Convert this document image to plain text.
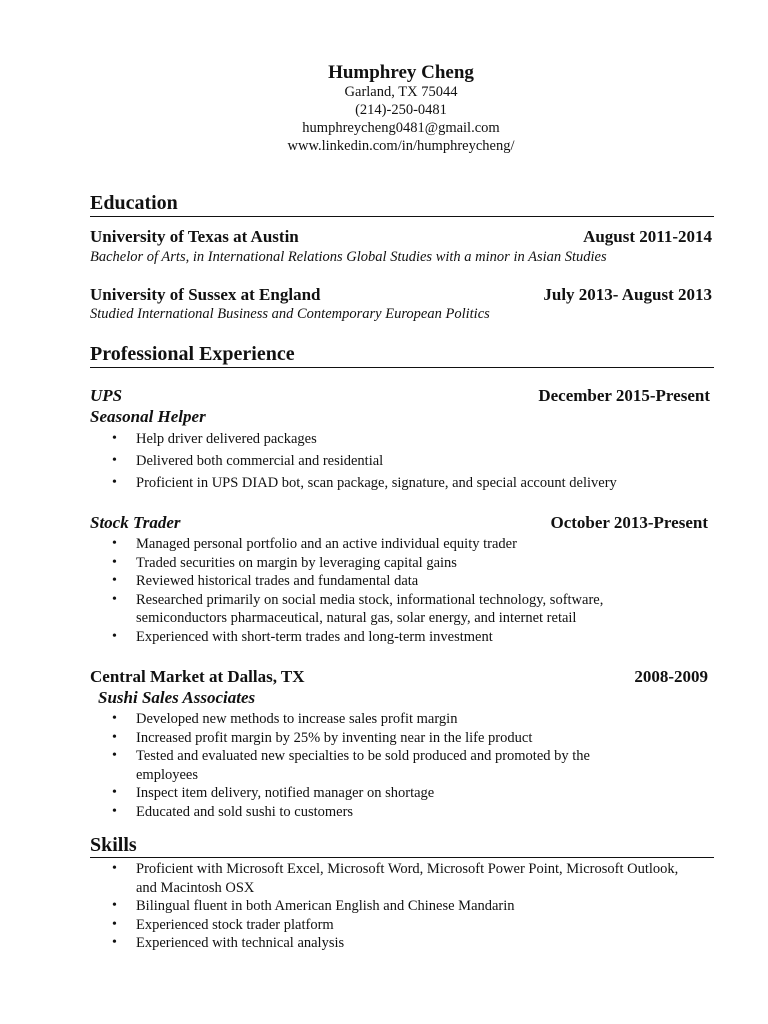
Humphrey Cheng
Garland, TX 75044
(214)-250-0481
humphreycheng0481@gmail.com
www.linkedin.com/in/humphreycheng/
Education
University of Texas at Austin	August 2011-2014
Bachelor of Arts, in International Relations Global Studies with a minor in Asian Studies
University of Sussex at England	July 2013- August 2013
Studied International Business and Contemporary European Politics
Professional Experience
UPS	December 2015-Present
Seasonal Helper
• Help driver delivered packages
• Delivered both commercial and residential
• Proficient in UPS DIAD bot, scan package, signature, and special account delivery
Stock Trader	October 2013-Present
• Managed personal portfolio and an active individual equity trader
• Traded securities on margin by leveraging capital gains
• Reviewed historical trades and fundamental data
• Researched primarily on social media stock, informational technology, software, semiconductors pharmaceutical, natural gas, solar energy, and internet retail
• Experienced with short-term trades and long-term investment
Central Market at Dallas, TX	2008-2009
Sushi Sales Associates
• Developed new methods to increase sales profit margin
• Increased profit margin by 25% by inventing near in the life product
• Tested and evaluated new specialties to be sold produced and promoted by the employees
• Inspect item delivery, notified manager on shortage
• Educated and sold sushi to customers
Skills
• Proficient with Microsoft Excel, Microsoft Word, Microsoft Power Point, Microsoft Outlook, and Macintosh OSX
• Bilingual fluent in both American English and Chinese Mandarin
• Experienced stock trader platform
• Experienced with technical analysis
